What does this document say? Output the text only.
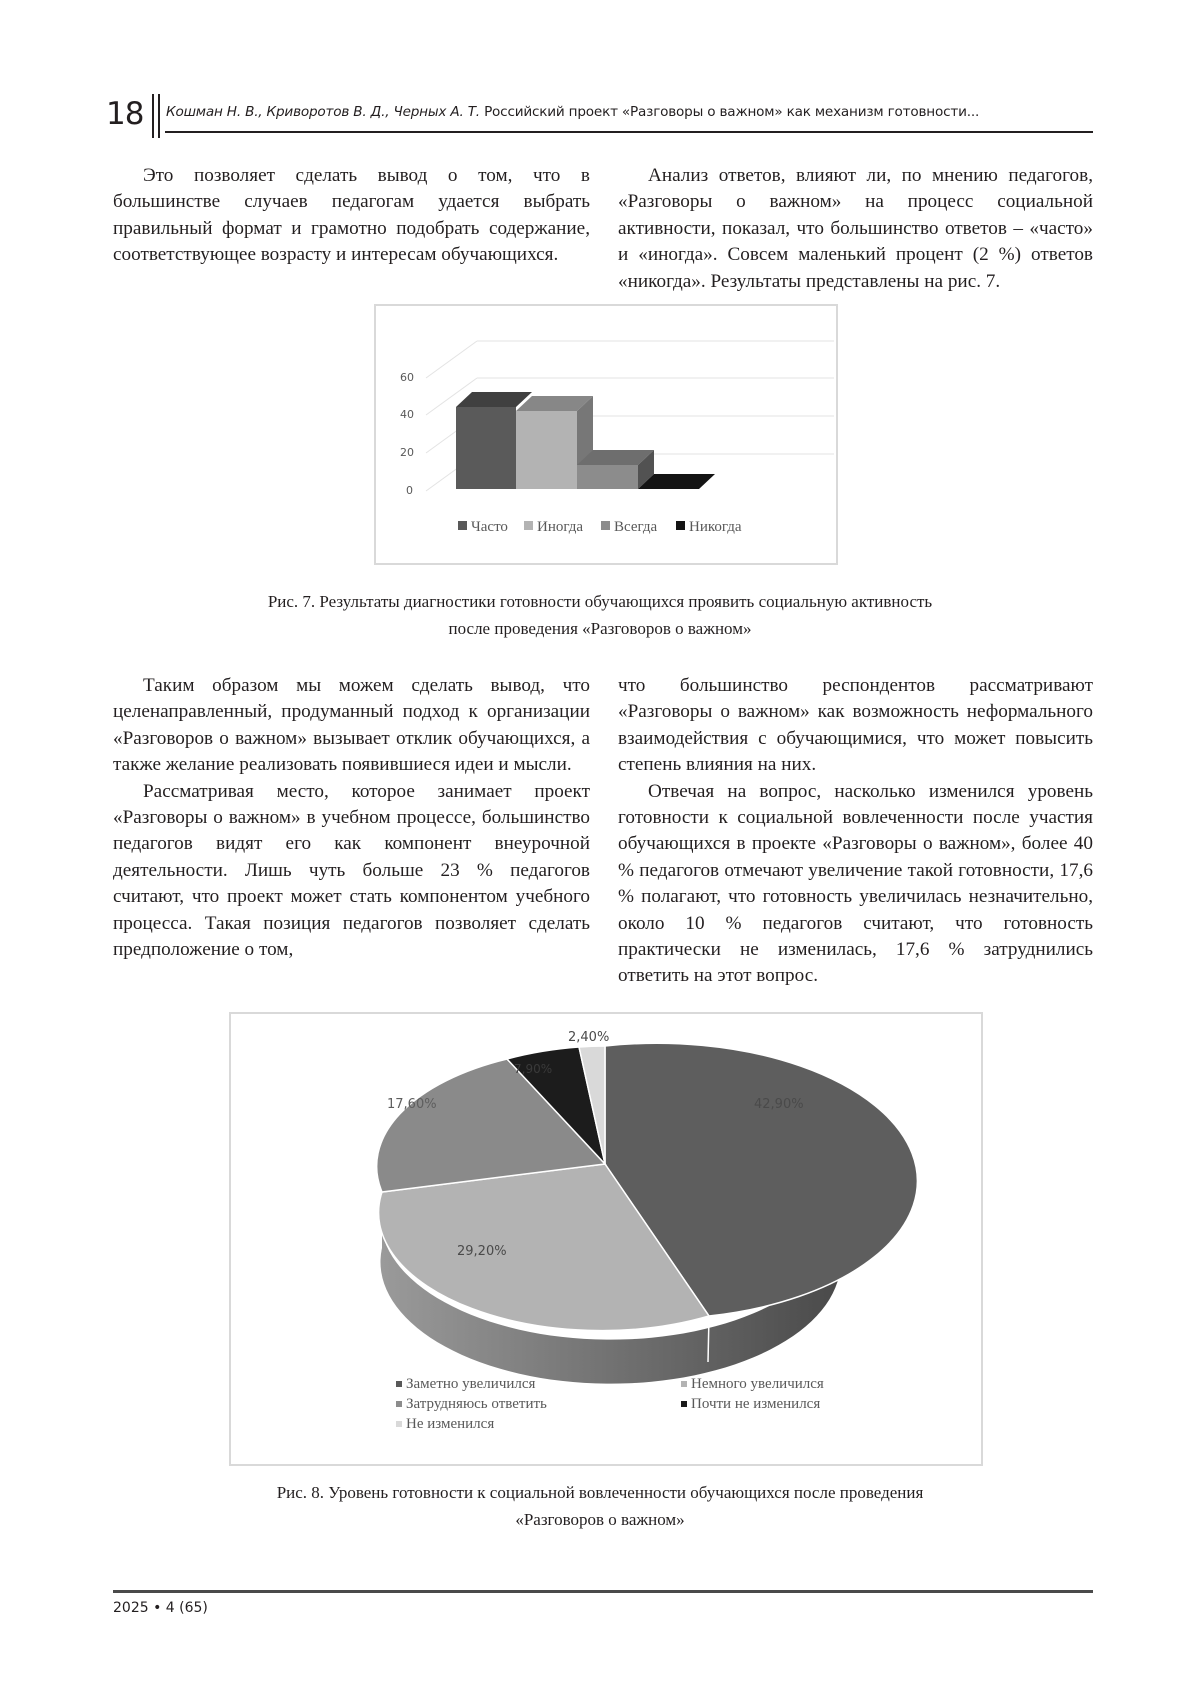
18 Кошман Н. В., Криворотов В. Д., Черных А. Т. Российский проект «Разговоры о важном» как механизм готовности...

Это позволяет сделать вывод о том, что в большинстве случаев педагогам удается выбрать правильный формат и грамотно подобрать содержание, соответствующее возрасту и интересам обучающихся.

Анализ ответов, влияют ли, по мнению педагогов, «Разговоры о важном» на процесс социальной активности, показал, что большинство ответов – «часто» и «иногда». Совсем маленький процент (2 %) ответов «никогда». Результаты представлены на рис. 7.

60
40
20
0
Часто	Иногда	Всегда	Никогда
Рис. 7. Результаты диагностики готовности обучающихся проявить социальную активность
после проведения «Разговоров о важном»

Таким образом мы можем сделать вывод, что целенаправленный, продуманный подход к организации «Разговоров о важном» вызывает отклик обучающихся, а также желание реализовать появившиеся идеи и мысли.

Рассматривая место, которое занимает проект «Разговоры о важном» в учебном процессе, большинство педагогов видят его как компонент внеурочной деятельности. Лишь чуть больше 23 % педагогов считают, что проект может стать компонентом учебного процесса. Такая позиция педагогов позволяет сделать предположение о том,

что большинство респондентов рассматривают «Разговоры о важном» как возможность неформального взаимодействия с обучающимися, что может повысить степень влияния на них.

Отвечая на вопрос, насколько изменился уровень готовности к социальной вовлеченности после участия обучающихся в проекте «Разговоры о важном», более 40 % педагогов отмечают увеличение такой готовности, 17,6 % полагают, что готовность увеличилась незначительно, около 10 % педагогов считают, что готовность практически не изменилась, 17,6 % затруднились ответить на этот вопрос.

42,90%
29,20%
17,60%
7,90%
2,40%
Заметно увеличился	Немного увеличился
Затрудняюсь ответить	Почти не изменился
Не изменился
Рис. 8. Уровень готовности к социальной вовлеченности обучающихся после проведения
«Разговоров о важном»
2025 • 4 (65)
